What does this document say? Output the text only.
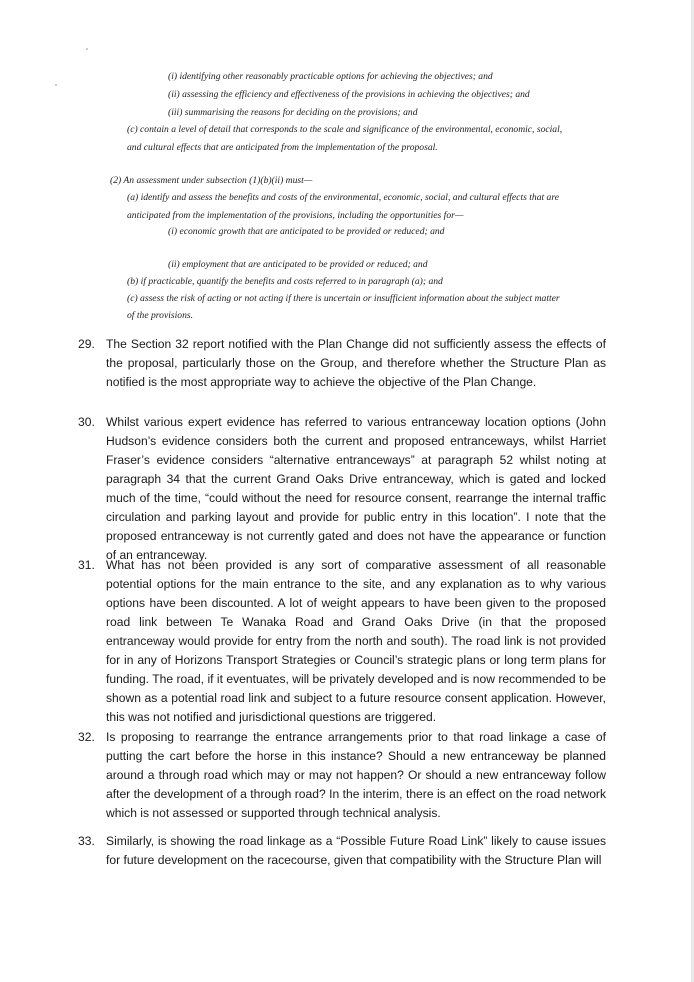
(i) identifying other reasonably practicable options for achieving the objectives; and
(ii) assessing the efficiency and effectiveness of the provisions in achieving the objectives; and
(iii) summarising the reasons for deciding on the provisions; and
(c) contain a level of detail that corresponds to the scale and significance of the environmental, economic, social,
and cultural effects that are anticipated from the implementation of the proposal.
(2) An assessment under subsection (1)(b)(ii) must—
(a) identify and assess the benefits and costs of the environmental, economic, social, and cultural effects that are
anticipated from the implementation of the provisions, including the opportunities for—
(i) economic growth that are anticipated to be provided or reduced; and
(ii) employment that are anticipated to be provided or reduced; and
(b) if practicable, quantify the benefits and costs referred to in paragraph (a); and
(c) assess the risk of acting or not acting if there is uncertain or insufficient information about the subject matter
of the provisions.
29. The Section 32 report notified with the Plan Change did not sufficiently assess the effects of the proposal, particularly those on the Group, and therefore whether the Structure Plan as notified is the most appropriate way to achieve the objective of the Plan Change.
30. Whilst various expert evidence has referred to various entranceway location options (John Hudson’s evidence considers both the current and proposed entranceways, whilst Harriet Fraser’s evidence considers “alternative entranceways” at paragraph 52 whilst noting at paragraph 34 that the current Grand Oaks Drive entranceway, which is gated and locked much of the time, “could without the need for resource consent, rearrange the internal traffic circulation and parking layout and provide for public entry in this location”. I note that the proposed entranceway is not currently gated and does not have the appearance or function of an entranceway.
31. What has not been provided is any sort of comparative assessment of all reasonable potential options for the main entrance to the site, and any explanation as to why various options have been discounted. A lot of weight appears to have been given to the proposed road link between Te Wanaka Road and Grand Oaks Drive (in that the proposed entranceway would provide for entry from the north and south). The road link is not provided for in any of Horizons Transport Strategies or Council’s strategic plans or long term plans for funding. The road, if it eventuates, will be privately developed and is now recommended to be shown as a potential road link and subject to a future resource consent application. However, this was not notified and jurisdictional questions are triggered.
32. Is proposing to rearrange the entrance arrangements prior to that road linkage a case of putting the cart before the horse in this instance? Should a new entranceway be planned around a through road which may or may not happen? Or should a new entranceway follow after the development of a through road? In the interim, there is an effect on the road network which is not assessed or supported through technical analysis.
33. Similarly, is showing the road linkage as a “Possible Future Road Link” likely to cause issues for future development on the racecourse, given that compatibility with the Structure Plan will
